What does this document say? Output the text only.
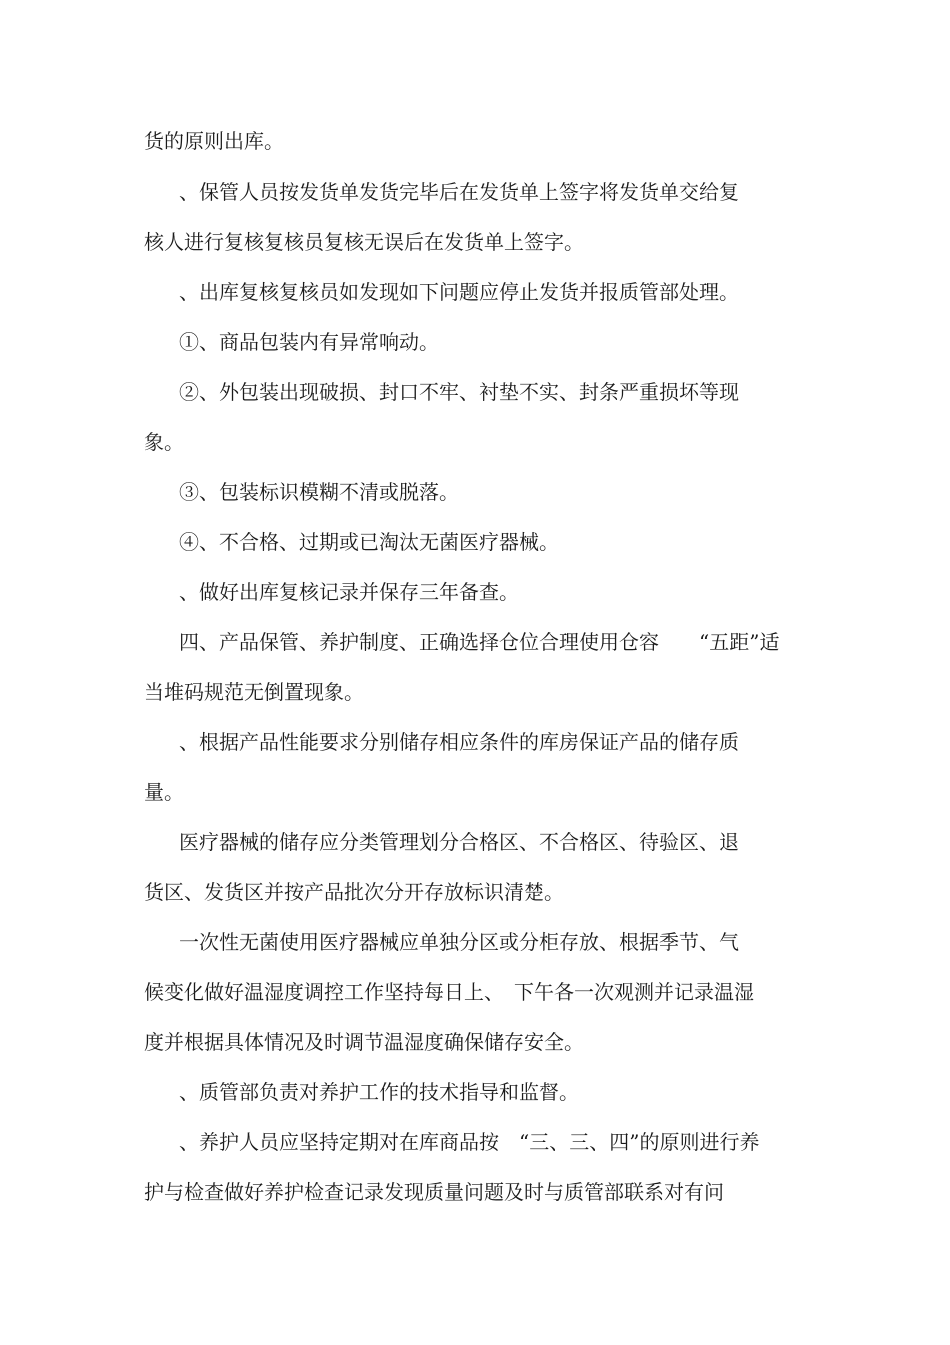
货的原则出库。
、保管人员按发货单发货完毕后在发货单上签字将发货单交给复
核人进行复核复核员复核无误后在发货单上签字。
、出库复核复核员如发现如下问题应停止发货并报质管部处理。
①、商品包装内有异常响动。
②、外包装出现破损、封口不牢、衬垫不实、封条严重损坏等现
象。
③、包装标识模糊不清或脱落。
④、不合格、过期或已淘汰无菌医疗器械。
、做好出库复核记录并保存三年备查。
四、产品保管、养护制度、正确选择仓位合理使用仓容　　“五距”适
当堆码规范无倒置现象。
、根据产品性能要求分别储存相应条件的库房保证产品的储存质
量。
医疗器械的储存应分类管理划分合格区、不合格区、待验区、退
货区、发货区并按产品批次分开存放标识清楚。
一次性无菌使用医疗器械应单独分区或分柜存放、根据季节、气
候变化做好温湿度调控工作坚持每日上、　下午各一次观测并记录温湿
度并根据具体情况及时调节温湿度确保储存安全。
、质管部负责对养护工作的技术指导和监督。
、养护人员应坚持定期对在库商品按　“三、三、四”的原则进行养
护与检查做好养护检查记录发现质量问题及时与质管部联系对有问
